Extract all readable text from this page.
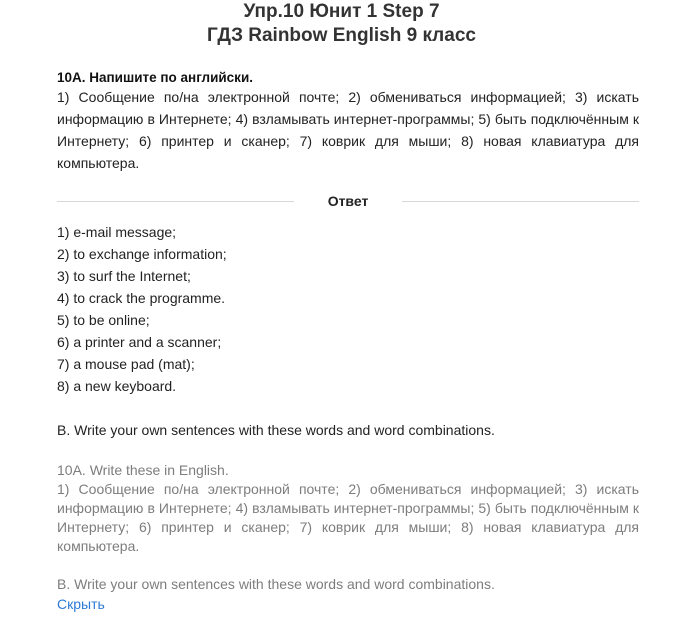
Упр.10 Юнит 1 Step 7

ГДЗ Rainbow English 9 класс

10A. Напишите по английски.

1) Сообщение по/на электронной почте; 2) обмениваться информацией; 3) искать информацию в Интернете; 4) взламывать интернет-программы; 5) быть подключённым к Интернету; 6) принтер и сканер; 7) коврик для мыши; 8) новая клавиатура для компьютера.

Ответ
1) e-mail message;
2) to exchange information;
3) to surf the Internet;
4) to crack the programme.
5) to be online;
6) a printer and a scanner;
7) a mouse pad (mat);
8) a new keyboard.

B. Write your own sentences with these words and word combinations.

10A. Write these in English.

1) Сообщение по/на электронной почте; 2) обмениваться информацией; 3) искать информацию в Интернете; 4) взламывать интернет-программы; 5) быть подключённым к Интернету; 6) принтер и сканер; 7) коврик для мыши; 8) новая клавиатура для компьютера.

B. Write your own sentences with these words and word combinations.

Скрыть
